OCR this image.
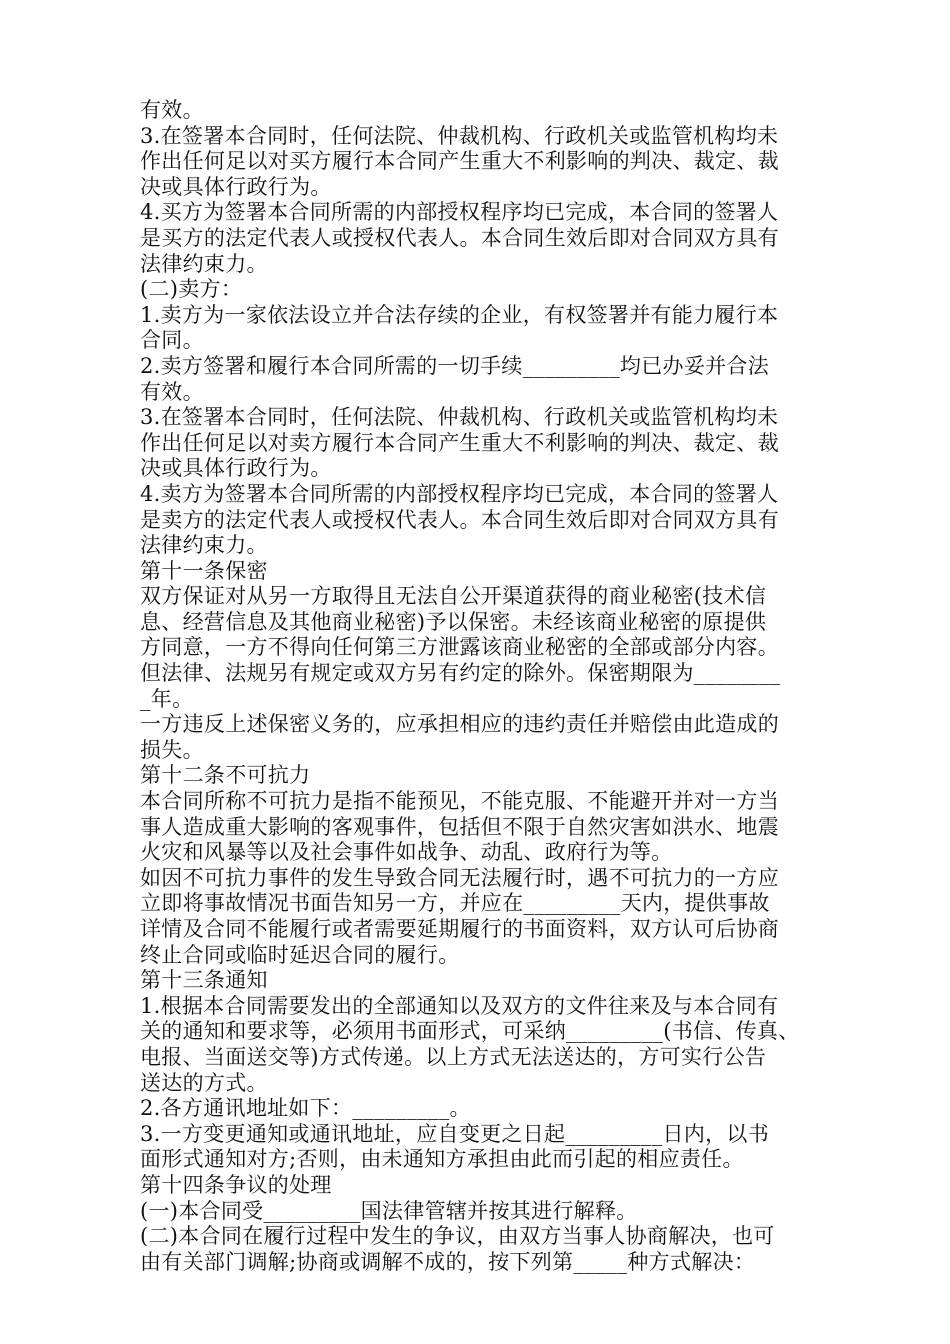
有效。
3.在签署本合同时，任何法院、仲裁机构、行政机关或监管机构均未
作出任何足以对买方履行本合同产生重大不利影响的判决、裁定、裁
决或具体行政行为。
4.买方为签署本合同所需的内部授权程序均已完成，本合同的签署人
是买方的法定代表人或授权代表人。本合同生效后即对合同双方具有
法律约束力。
(二)卖方：
1.卖方为一家依法设立并合法存续的企业，有权签署并有能力履行本
合同。
2.卖方签署和履行本合同所需的一切手续_________均已办妥并合法
有效。
3.在签署本合同时，任何法院、仲裁机构、行政机关或监管机构均未
作出任何足以对卖方履行本合同产生重大不利影响的判决、裁定、裁
决或具体行政行为。
4.卖方为签署本合同所需的内部授权程序均已完成，本合同的签署人
是卖方的法定代表人或授权代表人。本合同生效后即对合同双方具有
法律约束力。
第十一条保密
双方保证对从另一方取得且无法自公开渠道获得的商业秘密(技术信
息、经营信息及其他商业秘密)予以保密。未经该商业秘密的原提供
方同意，一方不得向任何第三方泄露该商业秘密的全部或部分内容。
但法律、法规另有规定或双方另有约定的除外。保密期限为________
_年。
一方违反上述保密义务的，应承担相应的违约责任并赔偿由此造成的
损失。
第十二条不可抗力
本合同所称不可抗力是指不能预见，不能克服、不能避开并对一方当
事人造成重大影响的客观事件，包括但不限于自然灾害如洪水、地震
火灾和风暴等以及社会事件如战争、动乱、政府行为等。
如因不可抗力事件的发生导致合同无法履行时，遇不可抗力的一方应
立即将事故情况书面告知另一方，并应在_________天内，提供事故
详情及合同不能履行或者需要延期履行的书面资料，双方认可后协商
终止合同或临时延迟合同的履行。
第十三条通知
1.根据本合同需要发出的全部通知以及双方的文件往来及与本合同有
关的通知和要求等，必须用书面形式，可采纳_________(书信、传真、
电报、当面送交等)方式传递。以上方式无法送达的，方可实行公告
送达的方式。
2.各方通讯地址如下：_________。
3.一方变更通知或通讯地址，应自变更之日起_________日内，以书
面形式通知对方;否则，由未通知方承担由此而引起的相应责任。
第十四条争议的处理
(一)本合同受_________国法律管辖并按其进行解释。
(二)本合同在履行过程中发生的争议，由双方当事人协商解决，也可
由有关部门调解;协商或调解不成的，按下列第_____种方式解决：
